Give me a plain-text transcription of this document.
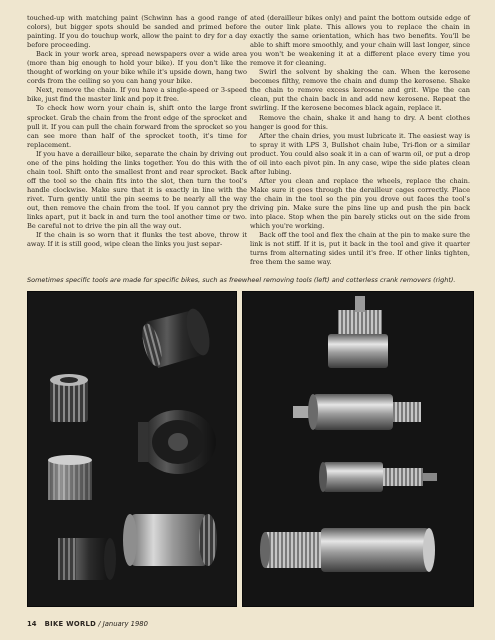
touched-up with matching paint (Schwinn has a good range of colors), but bigger spots should be sanded and primed before painting. If you do touchup work, allow the paint to dry for a day before proceeding.

Back in your work area, spread newspapers over a wide area (more than big enough to hold your bike). If you don't like the thought of working on your bike while it's upside down, hang two cords from the ceiling so you can hang your bike.

Next, remove the chain. If you have a single-speed or 3-speed bike, just find the master link and pop it free.

To check how worn your chain is, shift onto the large front sprocket. Grab the chain from the front edge of the sprocket and pull it. If you can pull the chain forward from the sprocket so you can see more than half of the sprocket tooth, it's time for replacement.

If you have a derailleur bike, separate the chain by driving out one of the pins holding the links together. You do this with the chain tool. Shift onto the smallest front and rear sprocket. Back off the tool so the chain fits into the slot, then turn the tool's handle clockwise. Make sure that it is exactly in line with the rivet. Turn gently until the pin seems to be nearly all the way out, then remove the chain from the tool. If you cannot pry the links apart, put it back in and turn the tool another time or two. Be careful not to drive the pin all the way out.

If the chain is so worn that it flunks the test above, throw it away. If it is still good, wipe clean the links you just separ-

ated (derailleur bikes only) and paint the bottom outside edge of the outer link plate. This allows you to replace the chain in exactly the same orientation, which has two benefits. You'll be able to shift more smoothly, and your chain will last longer, since you won't be weakening it at a different place every time you remove it for cleaning.

Swirl the solvent by shaking the can. When the kerosene becomes filthy, remove the chain and dump the kerosene. Shake the chain to remove excess kerosene and grit. Wipe the can clean, put the chain back in and add new kerosene. Repeat the swirling. If the kerosene becomes black again, replace it.

Remove the chain, shake it and hang to dry. A bent clothes hanger is good for this.

After the chain dries, you must lubricate it. The easiest way is to spray it with LPS 3, Bullshot chain lube, Tri-flon or a similar product. You could also soak it in a can of warm oil, or put a drop of oil into each pivot pin. In any case, wipe the side plates clean after lubing.

After you clean and replace the wheels, replace the chain. Make sure it goes through the derailleur cages correctly. Place the chain in the tool so the pin you drove out faces the tool's driving pin. Make sure the pins line up and push the pin back into place. Stop when the pin barely sticks out on the side from which you're working.

Back off the tool and flex the chain at the pin to make sure the link is not stiff. If it is, put it back in the tool and give it quarter turns from alternating sides until it's free. If other links tighten, free them the same way.

Sometimes specific tools are made for specific bikes, such as freewheel removing tools (left) and cotterless crank removers (right).
14 BIKE WORLD / January 1980
